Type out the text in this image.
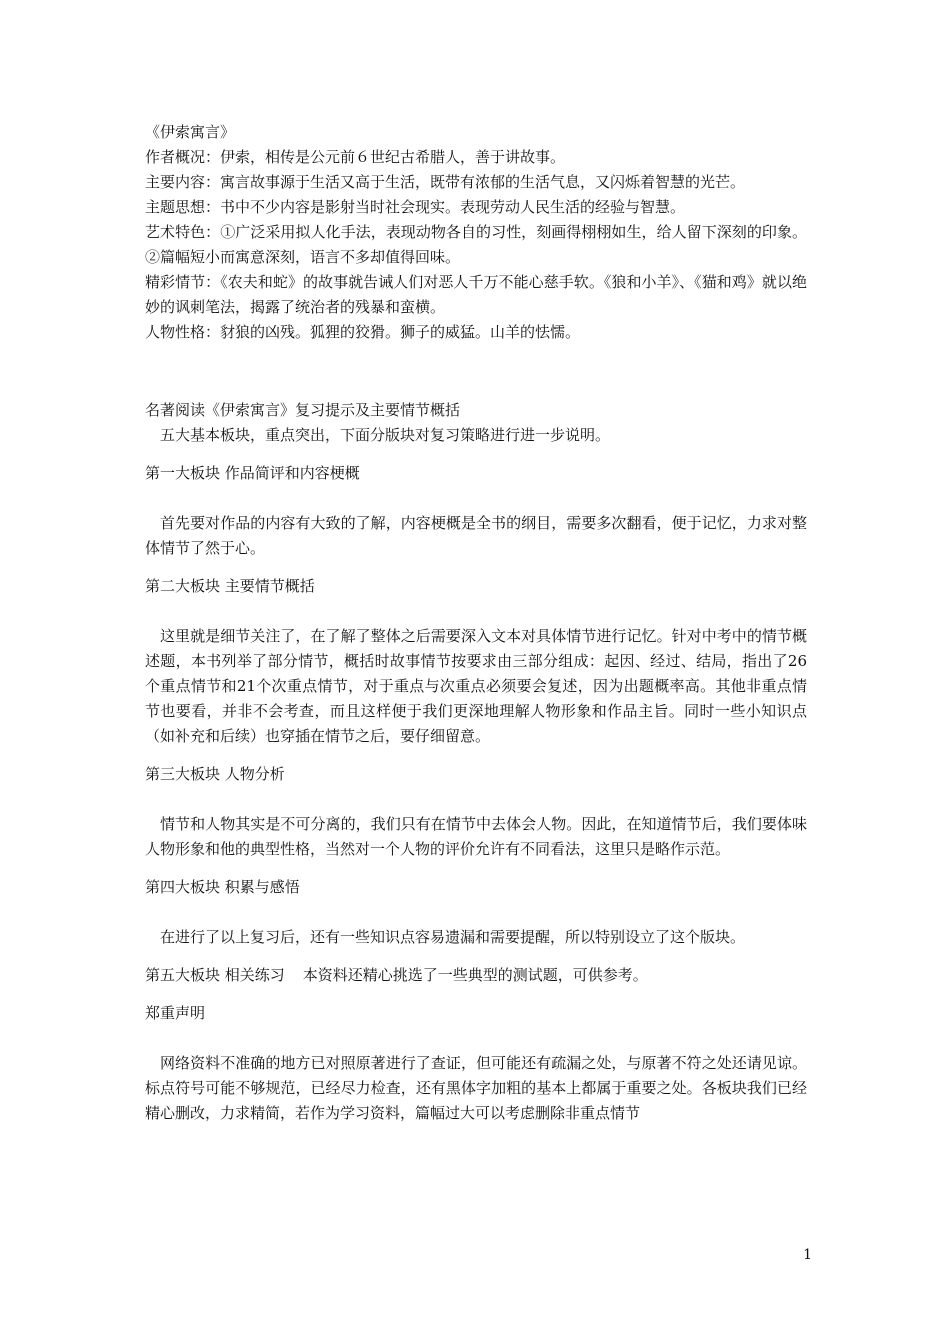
《伊索寓言》

作者概况：伊索，相传是公元前６世纪古希腊人，善于讲故事。

主要内容：寓言故事源于生活又高于生活，既带有浓郁的生活气息，又闪烁着智慧的光芒。

主题思想：书中不少内容是影射当时社会现实。表现劳动人民生活的经验与智慧。

艺术特色：①广泛采用拟人化手法，表现动物各自的习性，刻画得栩栩如生，给人留下深刻的印象。②篇幅短小而寓意深刻，语言不多却值得回味。

精彩情节：《农夫和蛇》的故事就告诫人们对恶人千万不能心慈手软。《狼和小羊》、《猫和鸡》就以绝妙的讽刺笔法，揭露了统治者的残暴和蛮横。

人物性格：豺狼的凶残。狐狸的狡猾。狮子的威猛。山羊的怯懦。

名著阅读《伊索寓言》复习提示及主要情节概括

五大基本板块，重点突出，下面分版块对复习策略进行进一步说明。

第一大板块 作品简评和内容梗概

首先要对作品的内容有大致的了解，内容梗概是全书的纲目，需要多次翻看，便于记忆，力求对整体情节了然于心。

第二大板块 主要情节概括

这里就是细节关注了，在了解了整体之后需要深入文本对具体情节进行记忆。针对中考中的情节概述题，本书列举了部分情节，概括时故事情节按要求由三部分组成：起因、经过、结局，指出了26个重点情节和21个次重点情节，对于重点与次重点必须要会复述，因为出题概率高。其他非重点情节也要看，并非不会考查，而且这样便于我们更深地理解人物形象和作品主旨。同时一些小知识点（如补充和后续）也穿插在情节之后，要仔细留意。

第三大板块 人物分析

情节和人物其实是不可分离的，我们只有在情节中去体会人物。因此，在知道情节后，我们要体味人物形象和他的典型性格，当然对一个人物的评价允许有不同看法，这里只是略作示范。

第四大板块 积累与感悟

在进行了以上复习后，还有一些知识点容易遗漏和需要提醒，所以特别设立了这个版块。

第五大板块 相关练习 本资料还精心挑选了一些典型的测试题，可供参考。

郑重声明

网络资料不准确的地方已对照原著进行了查证，但可能还有疏漏之处，与原著不符之处还请见谅。标点符号可能不够规范，已经尽力检查，还有黑体字加粗的基本上都属于重要之处。各板块我们已经精心删改，力求精简，若作为学习资料，篇幅过大可以考虑删除非重点情节

1
